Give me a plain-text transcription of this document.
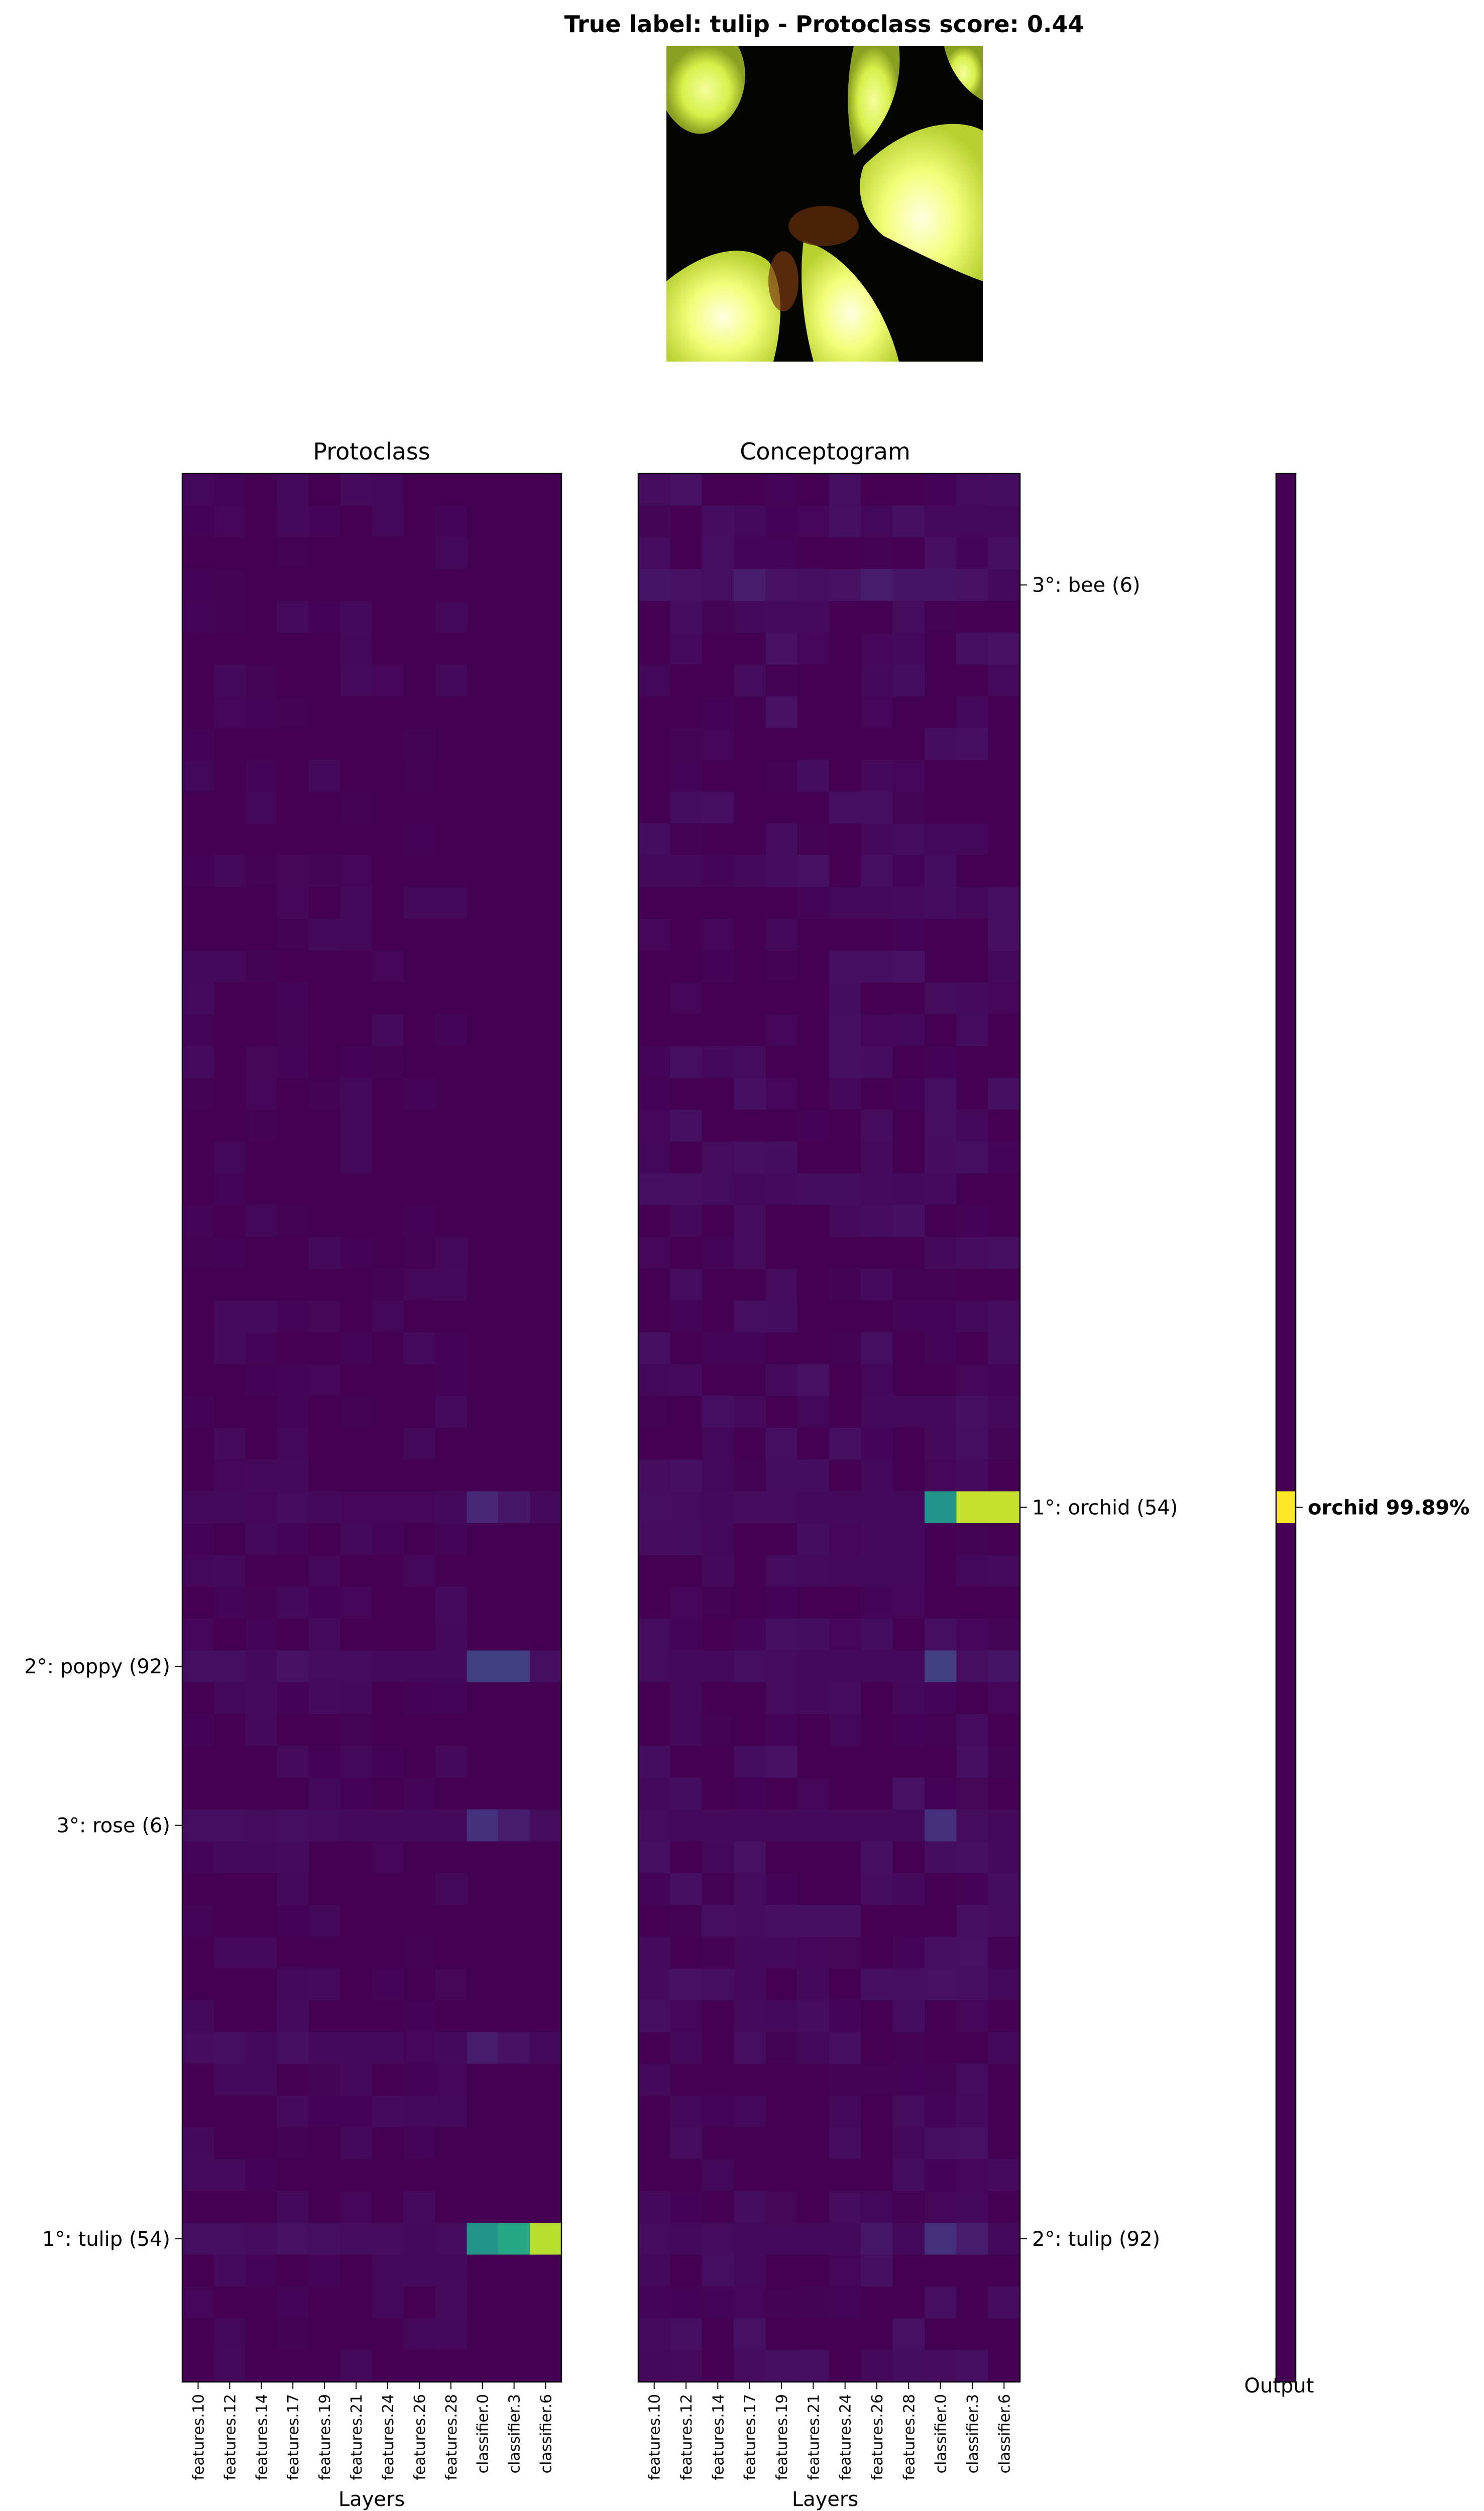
True label: tulip - Protoclass score: 0.44
features.10 features.12 features.14 features.17 features.19 features.21 features.24 features.26 features.28 classifier.0 classifier.3 classifier.6
2°: poppy (92)
3°: rose (6)
1°: tulip (54)
features.10 features.12 features.14 features.17 features.19 features.21 features.24 features.26 features.28 classifier.0 classifier.3 classifier.6
3°: bee (6)
1°: orchid (54)
2°: tulip (92)
orchid 99.89%
Protoclass	Conceptogram
Layers	Layers
Output
